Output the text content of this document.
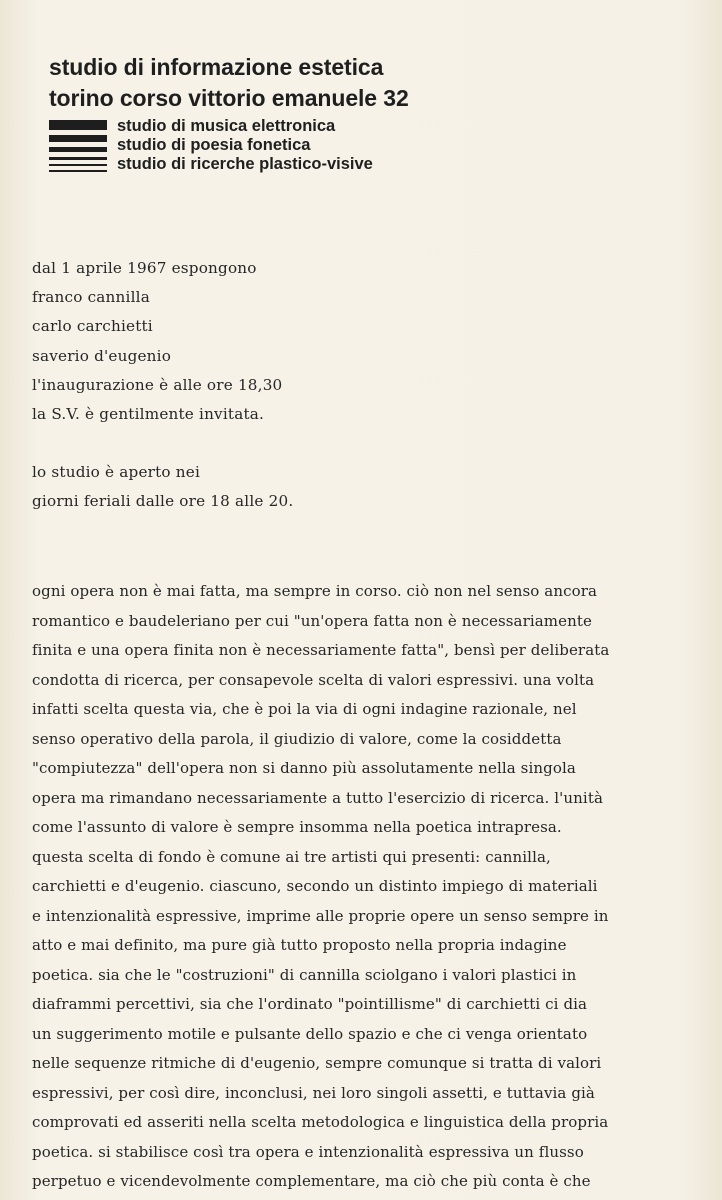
studio di informazione estetica
torino corso vittorio emanuele 32
studio di musica elettronica
studio di poesia fonetica
studio di ricerche plastico-visive
dal 1 aprile 1967 espongono
franco cannilla
carlo carchietti
saverio d'eugenio
l'inaugurazione è alle ore 18,30
la S.V. è gentilmente invitata.
lo studio è aperto nei
giorni feriali dalle ore 18 alle 20.
ogni opera non è mai fatta, ma sempre in corso. ciò non nel senso ancora
romantico e baudeleriano per cui "un'opera fatta non è necessariamente
finita e una opera finita non è necessariamente fatta", bensì per deliberata
condotta di ricerca, per consapevole scelta di valori espressivi. una volta
infatti scelta questa via, che è poi la via di ogni indagine razionale, nel
senso operativo della parola, il giudizio di valore, come la cosiddetta
"compiutezza" dell'opera non si danno più assolutamente nella singola
opera ma rimandano necessariamente a tutto l'esercizio di ricerca. l'unità
come l'assunto di valore è sempre insomma nella poetica intrapresa.
questa scelta di fondo è comune ai tre artisti qui presenti: cannilla,
carchietti e d'eugenio. ciascuno, secondo un distinto impiego di materiali
e intenzionalità espressive, imprime alle proprie opere un senso sempre in
atto e mai definito, ma pure già tutto proposto nella propria indagine
poetica. sia che le "costruzioni" di cannilla sciolgano i valori plastici in
diaframmi percettivi, sia che l'ordinato "pointillisme" di carchietti ci dia
un suggerimento motile e pulsante dello spazio e che ci venga orientato
nelle sequenze ritmiche di d'eugenio, sempre comunque si tratta di valori
espressivi, per così dire, inconclusi, nei loro singoli assetti, e tuttavia già
comprovati ed asseriti nella scelta metodologica e linguistica della propria
poetica. si stabilisce così tra opera e intenzionalità espressiva un flusso
perpetuo e vicendevolmente complementare, ma ciò che più conta è che
